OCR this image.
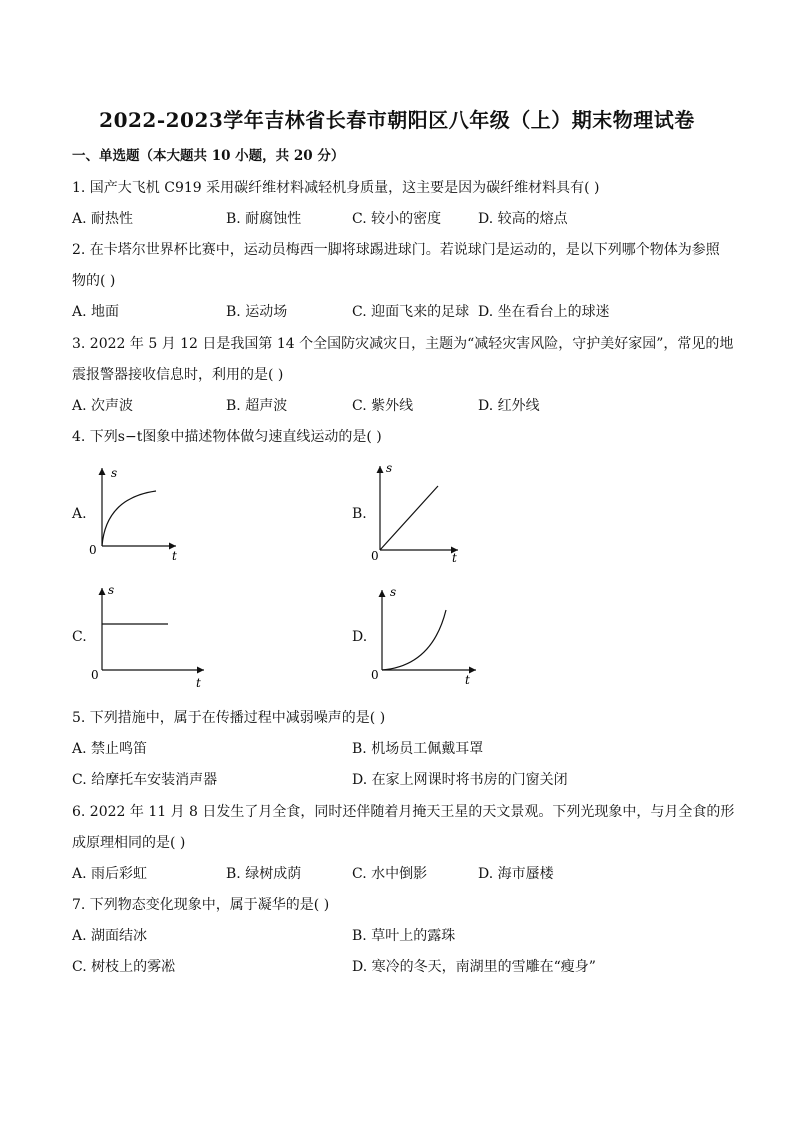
2022-2023学年吉林省长春市朝阳区八年级（上）期末物理试卷
一、单选题（本大题共 10 小题，共 20 分）
1. 国产大飞机 C919 采用碳纤维材料减轻机身质量，这主要是因为碳纤维材料具有( )
A. 耐热性	B. 耐腐蚀性	C. 较小的密度	D. 较高的熔点
2. 在卡塔尔世界杯比赛中，运动员梅西一脚将球踢进球门。若说球门是运动的，是以下列哪个物体为参照
物的( )
A. 地面	B. 运动场	C. 迎面飞来的足球 D. 坐在看台上的球迷
3. 2022 年 5 月 12 日是我国第 14 个全国防灾减灾日，主题为“减轻灾害风险，守护美好家园”，常见的地
震报警器接收信息时，利用的是( )
A. 次声波	B. 超声波	C. 紫外线	D. 红外线
4. 下列s−t图象中描述物体做匀速直线运动的是( )
A.
s
0	t
B.
s
0	t
C.
s
0
t
D.
s
0	t
5. 下列措施中，属于在传播过程中减弱噪声的是( )
A. 禁止鸣笛	B. 机场员工佩戴耳罩
C. 给摩托车安装消声器	D. 在家上网课时将书房的门窗关闭
6. 2022 年 11 月 8 日发生了月全食，同时还伴随着月掩天王星的天文景观。下列光现象中，与月全食的形
成原理相同的是( )
A. 雨后彩虹	B. 绿树成荫	C. 水中倒影	D. 海市蜃楼
7. 下列物态变化现象中，属于凝华的是( )
A. 湖面结冰	B. 草叶上的露珠
C. 树枝上的雾凇	D. 寒冷的冬天，南湖里的雪雕在“瘦身”
